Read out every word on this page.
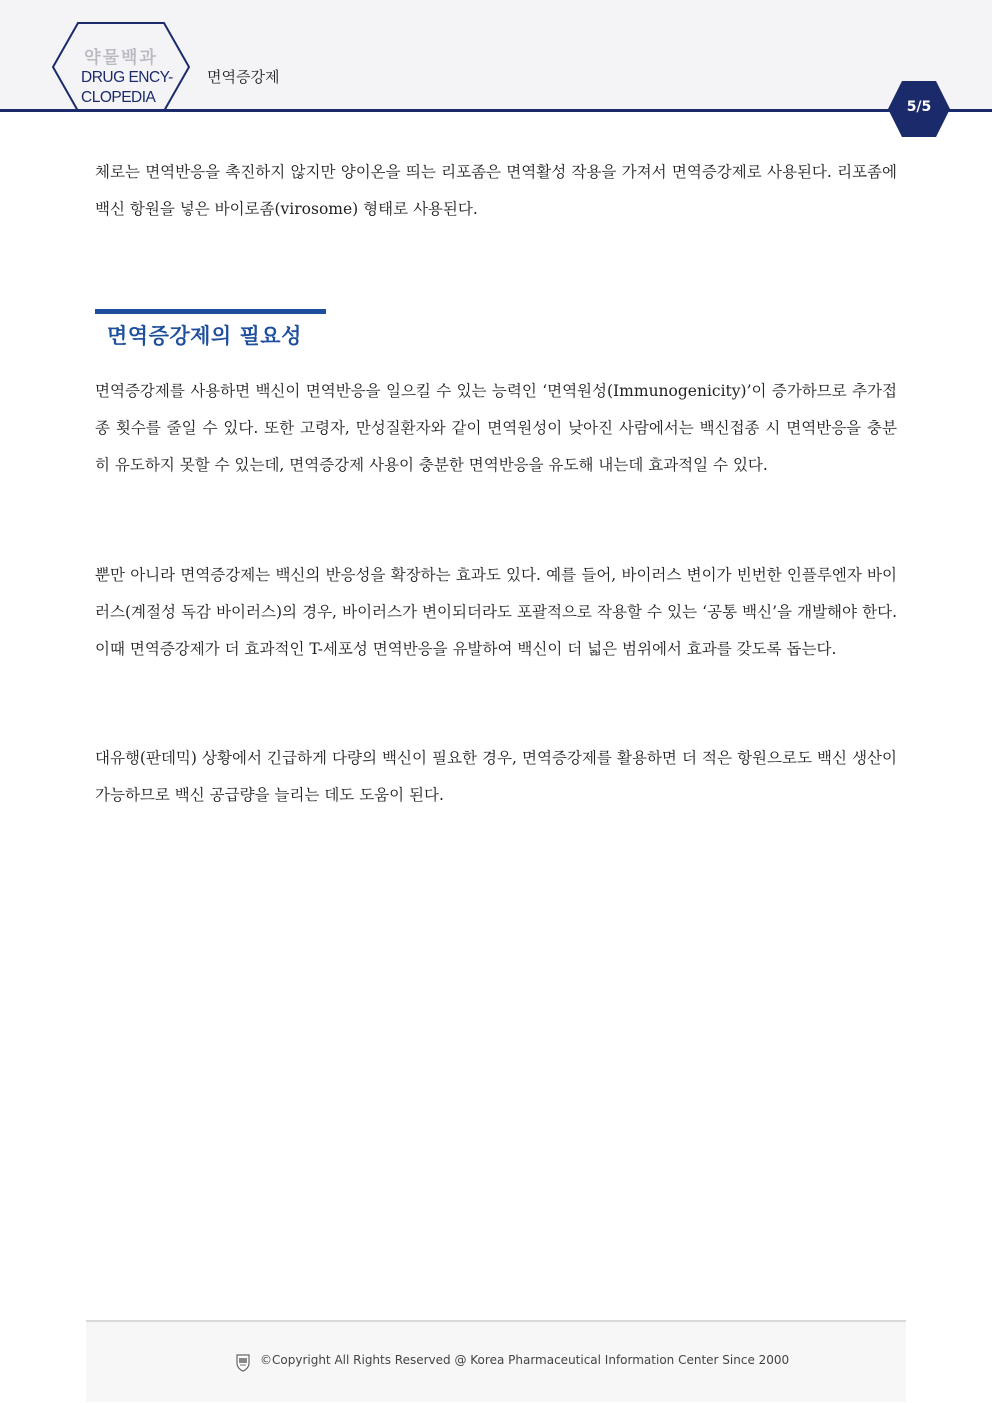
약물백과
DRUG ENCY-
CLOPEDIA
면역증강제
5/5

체로는 면역반응을 촉진하지 않지만 양이온을 띄는 리포좀은 면역활성 작용을 가져서 면역증강제로 사용된다. 리포좀에 백신 항원을 넣은 바이로좀(virosome) 형태로 사용된다.

면역증강제의 필요성

면역증강제를 사용하면 백신이 면역반응을 일으킬 수 있는 능력인 ‘면역원성(Immunogenicity)’이 증가하므로 추가접종 횟수를 줄일 수 있다. 또한 고령자, 만성질환자와 같이 면역원성이 낮아진 사람에서는 백신접종 시 면역반응을 충분히 유도하지 못할 수 있는데, 면역증강제 사용이 충분한 면역반응을 유도해 내는데 효과적일 수 있다.

뿐만 아니라 면역증강제는 백신의 반응성을 확장하는 효과도 있다. 예를 들어, 바이러스 변이가 빈번한 인플루엔자 바이러스(계절성 독감 바이러스)의 경우, 바이러스가 변이되더라도 포괄적으로 작용할 수 있는 ‘공통 백신’을 개발해야 한다. 이때 면역증강제가 더 효과적인 T-세포성 면역반응을 유발하여 백신이 더 넓은 범위에서 효과를 갖도록 돕는다.

대유행(판데믹) 상황에서 긴급하게 다량의 백신이 필요한 경우, 면역증강제를 활용하면 더 적은 항원으로도 백신 생산이 가능하므로 백신 공급량을 늘리는 데도 도움이 된다.

©Copyright All Rights Reserved @ Korea Pharmaceutical Information Center Since 2000
